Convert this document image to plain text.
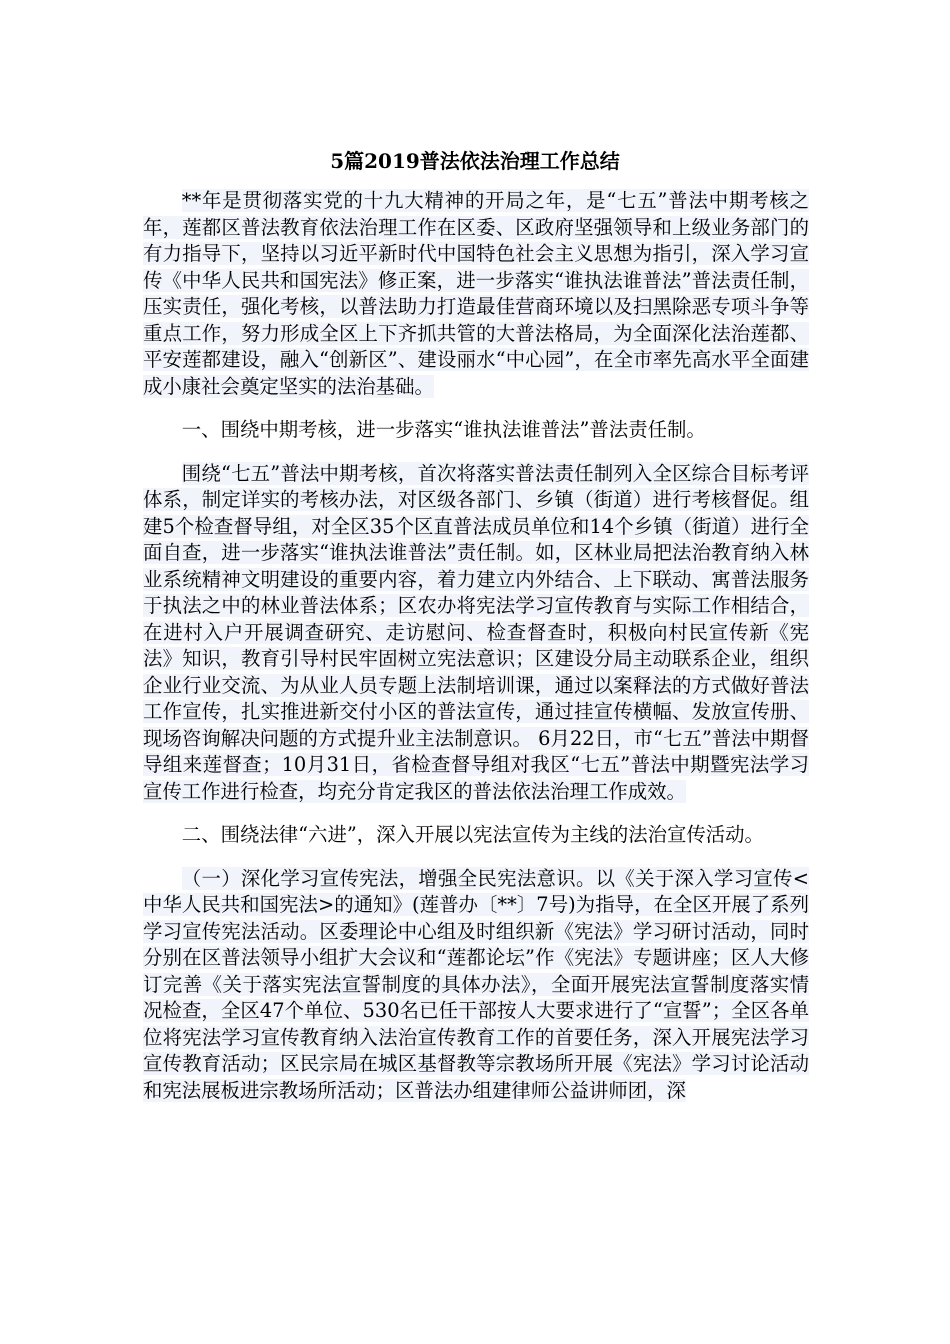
5篇2019普法依法治理工作总结

**年是贯彻落实党的十九大精神的开局之年，是“七五”普法中期考核之年，莲都区普法教育依法治理工作在区委、区政府坚强领导和上级业务部门的有力指导下，坚持以习近平新时代中国特色社会主义思想为指引，深入学习宣传《中华人民共和国宪法》修正案，进一步落实“谁执法谁普法”普法责任制，压实责任，强化考核，以普法助力打造最佳营商环境以及扫黑除恶专项斗争等重点工作，努力形成全区上下齐抓共管的大普法格局，为全面深化法治莲都、平安莲都建设，融入“创新区”、建设丽水“中心园”，在全市率先高水平全面建成小康社会奠定坚实的法治基础。

一、围绕中期考核，进一步落实“谁执法谁普法”普法责任制。

围绕“七五”普法中期考核，首次将落实普法责任制列入全区综合目标考评体系，制定详实的考核办法，对区级各部门、乡镇（街道）进行考核督促。组建5个检查督导组，对全区35个区直普法成员单位和14个乡镇（街道）进行全面自查，进一步落实“谁执法谁普法”责任制。如，区林业局把法治教育纳入林业系统精神文明建设的重要内容，着力建立内外结合、上下联动、寓普法服务于执法之中的林业普法体系；区农办将宪法学习宣传教育与实际工作相结合，在进村入户开展调查研究、走访慰问、检查督查时，积极向村民宣传新《宪法》知识，教育引导村民牢固树立宪法意识；区建设分局主动联系企业，组织企业行业交流、为从业人员专题上法制培训课，通过以案释法的方式做好普法工作宣传，扎实推进新交付小区的普法宣传，通过挂宣传横幅、发放宣传册、现场咨询解决问题的方式提升业主法制意识。 6月22日，市“七五”普法中期督导组来莲督查；10月31日，省检查督导组对我区“七五”普法中期暨宪法学习宣传工作进行检查，均充分肯定我区的普法依法治理工作成效。

二、围绕法律“六进”，深入开展以宪法宣传为主线的法治宣传活动。

（一）深化学习宣传宪法，增强全民宪法意识。以《关于深入学习宣传<中华人民共和国宪法>的通知》(莲普办〔**〕7号)为指导，在全区开展了系列学习宣传宪法活动。区委理论中心组及时组织新《宪法》学习研讨活动，同时分别在区普法领导小组扩大会议和“莲都论坛”作《宪法》专题讲座；区人大修订完善《关于落实宪法宣誓制度的具体办法》，全面开展宪法宣誓制度落实情况检查，全区47个单位、530名已任干部按人大要求进行了“宣誓”；全区各单位将宪法学习宣传教育纳入法治宣传教育工作的首要任务，深入开展宪法学习宣传教育活动；区民宗局在城区基督教等宗教场所开展《宪法》学习讨论活动和宪法展板进宗教场所活动；区普法办组建律师公益讲师团，深
